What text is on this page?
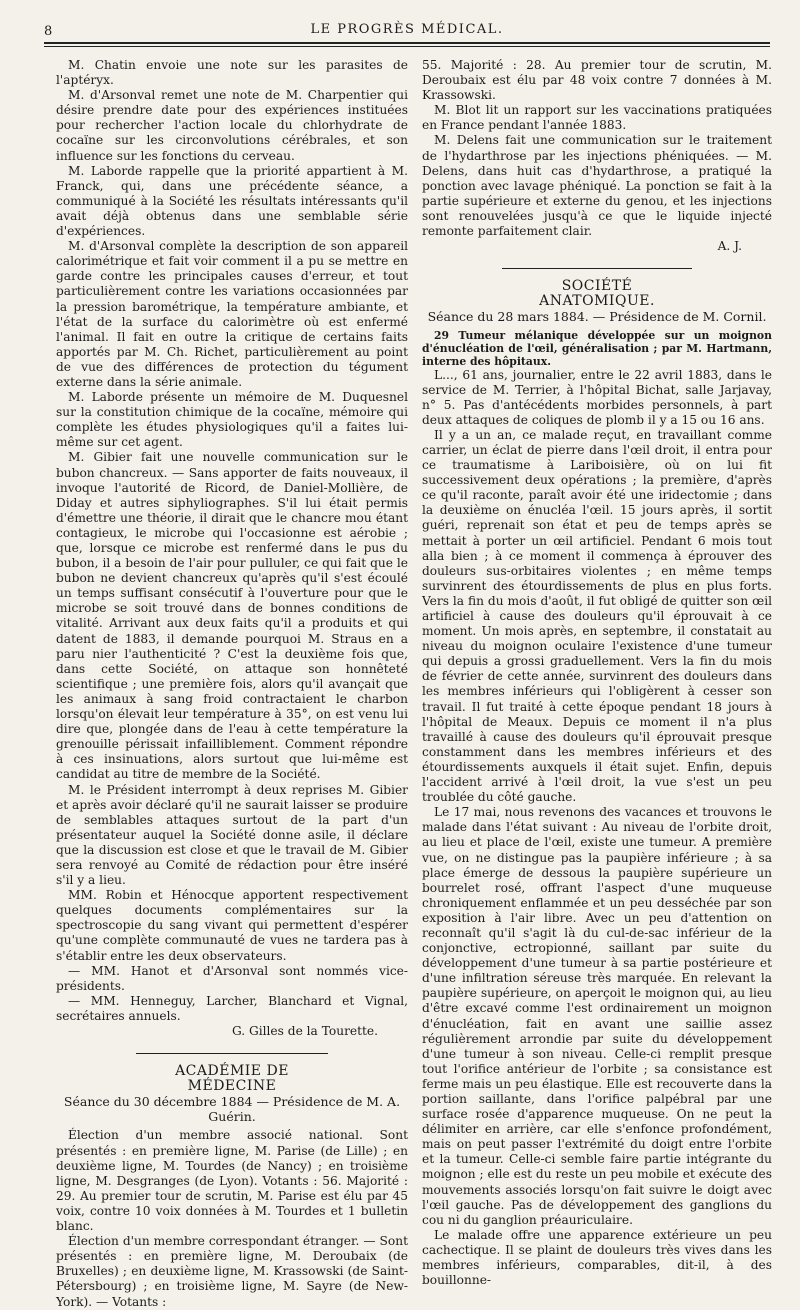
8	LE PROGRÈS MÉDICAL.

M. Chatin envoie une note sur les parasites de l'aptéryx.

M. d'Arsonval remet une note de M. Charpentier qui désire prendre date pour des expériences instituées pour rechercher l'action locale du chlorhydrate de cocaïne sur les circonvolutions cérébrales, et son influence sur les fonctions du cerveau.

M. Laborde rappelle que la priorité appartient à M. Franck, qui, dans une précédente séance, a communiqué à la Société les résultats intéressants qu'il avait déjà obtenus dans une semblable série d'expériences.

M. d'Arsonval complète la description de son appareil calorimétrique et fait voir comment il a pu se mettre en garde contre les principales causes d'erreur, et tout particulièrement contre les variations occasionnées par la pression barométrique, la température ambiante, et l'état de la surface du calorimètre où est enfermé l'animal. Il fait en outre la critique de certains faits apportés par M. Ch. Richet, particulièrement au point de vue des différences de protection du tégument externe dans la série animale.

M. Laborde présente un mémoire de M. Duquesnel sur la constitution chimique de la cocaïne, mémoire qui complète les études physiologiques qu'il a faites lui-même sur cet agent.

M. Gibier fait une nouvelle communication sur le bubon chancreux. — Sans apporter de faits nouveaux, il invoque l'autorité de Ricord, de Daniel-Mollière, de Diday et autres siphyliographes. S'il lui était permis d'émettre une théorie, il dirait que le chancre mou étant contagieux, le microbe qui l'occasionne est aérobie ; que, lorsque ce microbe est renfermé dans le pus du bubon, il a besoin de l'air pour pulluler, ce qui fait que le bubon ne devient chancreux qu'après qu'il s'est écoulé un temps suffisant consécutif à l'ouverture pour que le microbe se soit trouvé dans de bonnes conditions de vitalité. Arrivant aux deux faits qu'il a produits et qui datent de 1883, il demande pourquoi M. Straus en a paru nier l'authenticité ? C'est la deuxième fois que, dans cette Société, on attaque son honnêteté scientifique ; une première fois, alors qu'il avançait que les animaux à sang froid contractaient le charbon lorsqu'on élevait leur température à 35°, on est venu lui dire que, plongée dans de l'eau à cette température la grenouille périssait infailliblement. Comment répondre à ces insinuations, alors surtout que lui-même est candidat au titre de membre de la Société.

M. le Président interrompt à deux reprises M. Gibier et après avoir déclaré qu'il ne saurait laisser se produire de semblables attaques surtout de la part d'un présentateur auquel la Société donne asile, il déclare que la discussion est close et que le travail de M. Gibier sera renvoyé au Comité de rédaction pour être inséré s'il y a lieu.

MM. Robin et Hénocque apportent respectivement quelques documents complémentaires sur la spectroscopie du sang vivant qui permettent d'espérer qu'une complète communauté de vues ne tardera pas à s'établir entre les deux observateurs.

— MM. Hanot et d'Arsonval sont nommés vice-présidents.

— MM. Henneguy, Larcher, Blanchard et Vignal, secrétaires annuels.

G. Gilles de la Tourette.

ACADÉMIE DE MÉDECINE
Séance du 30 décembre 1884 — Présidence de M. A. Guérin.

Élection d'un membre associé national. Sont présentés : en première ligne, M. Parise (de Lille) ; en deuxième ligne, M. Tourdes (de Nancy) ; en troisième ligne, M. Desgranges (de Lyon). Votants : 56. Majorité : 29. Au premier tour de scrutin, M. Parise est élu par 45 voix, contre 10 voix données à M. Tourdes et 1 bulletin blanc.

Élection d'un membre correspondant étranger. — Sont présentés : en première ligne, M. Deroubaix (de Bruxelles) ; en deuxième ligne, M. Krassowski (de Saint-Pétersbourg) ; en troisième ligne, M. Sayre (de New-York). — Votants :

55. Majorité : 28. Au premier tour de scrutin, M. Deroubaix est élu par 48 voix contre 7 données à M. Krassowski.

M. Blot lit un rapport sur les vaccinations pratiquées en France pendant l'année 1883.

M. Delens fait une communication sur le traitement de l'hydarthrose par les injections phéniquées. — M. Delens, dans huit cas d'hydarthrose, a pratiqué la ponction avec lavage phéniqué. La ponction se fait à la partie supérieure et externe du genou, et les injections sont renouvelées jusqu'à ce que le liquide injecté remonte parfaitement clair.

A. J.

SOCIÉTÉ ANATOMIQUE.
Séance du 28 mars 1884. — Présidence de M. Cornil.

29 Tumeur mélanique développée sur un moignon d'énucléation de l'œil, généralisation ; par M. Hartmann, interne des hôpitaux.

L..., 61 ans, journalier, entre le 22 avril 1883, dans le service de M. Terrier, à l'hôpital Bichat, salle Jarjavay, n° 5. Pas d'antécédents morbides personnels, à part deux attaques de coliques de plomb il y a 15 ou 16 ans.

Il y a un an, ce malade reçut, en travaillant comme carrier, un éclat de pierre dans l'œil droit, il entra pour ce traumatisme à Lariboisière, où on lui fit successivement deux opérations ; la première, d'après ce qu'il raconte, paraît avoir été une iridectomie ; dans la deuxième on énucléa l'œil. 15 jours après, il sortit guéri, reprenait son état et peu de temps après se mettait à porter un œil artificiel. Pendant 6 mois tout alla bien ; à ce moment il commença à éprouver des douleurs sus-orbitaires violentes ; en même temps survinrent des étourdissements de plus en plus forts. Vers la fin du mois d'août, il fut obligé de quitter son œil artificiel à cause des douleurs qu'il éprouvait à ce moment. Un mois après, en septembre, il constatait au niveau du moignon oculaire l'existence d'une tumeur qui depuis a grossi graduellement. Vers la fin du mois de février de cette année, survinrent des douleurs dans les membres inférieurs qui l'obligèrent à cesser son travail. Il fut traité à cette époque pendant 18 jours à l'hôpital de Meaux. Depuis ce moment il n'a plus travaillé à cause des douleurs qu'il éprouvait presque constamment dans les membres inférieurs et des étourdissements auxquels il était sujet. Enfin, depuis l'accident arrivé à l'œil droit, la vue s'est un peu troublée du côté gauche.

Le 17 mai, nous revenons des vacances et trouvons le malade dans l'état suivant : Au niveau de l'orbite droit, au lieu et place de l'œil, existe une tumeur. A première vue, on ne distingue pas la paupière inférieure ; à sa place émerge de dessous la paupière supérieure un bourrelet rosé, offrant l'aspect d'une muqueuse chroniquement enflammée et un peu desséchée par son exposition à l'air libre. Avec un peu d'attention on reconnaît qu'il s'agit là du cul-de-sac inférieur de la conjonctive, ectropionné, saillant par suite du développement d'une tumeur à sa partie postérieure et d'une infiltration séreuse très marquée. En relevant la paupière supérieure, on aperçoit le moignon qui, au lieu d'être excavé comme l'est ordinairement un moignon d'énucléation, fait en avant une saillie assez régulièrement arrondie par suite du développement d'une tumeur à son niveau. Celle-ci remplit presque tout l'orifice antérieur de l'orbite ; sa consistance est ferme mais un peu élastique. Elle est recouverte dans la portion saillante, dans l'orifice palpébral par une surface rosée d'apparence muqueuse. On ne peut la délimiter en arrière, car elle s'enfonce profondément, mais on peut passer l'extrémité du doigt entre l'orbite et la tumeur. Celle-ci semble faire partie intégrante du moignon ; elle est du reste un peu mobile et exécute des mouvements associés lorsqu'on fait suivre le doigt avec l'œil gauche. Pas de développement des ganglions du cou ni du ganglion préauriculaire.

Le malade offre une apparence extérieure un peu cachectique. Il se plaint de douleurs très vives dans les membres inférieurs, comparables, dit-il, à des bouillonne-
